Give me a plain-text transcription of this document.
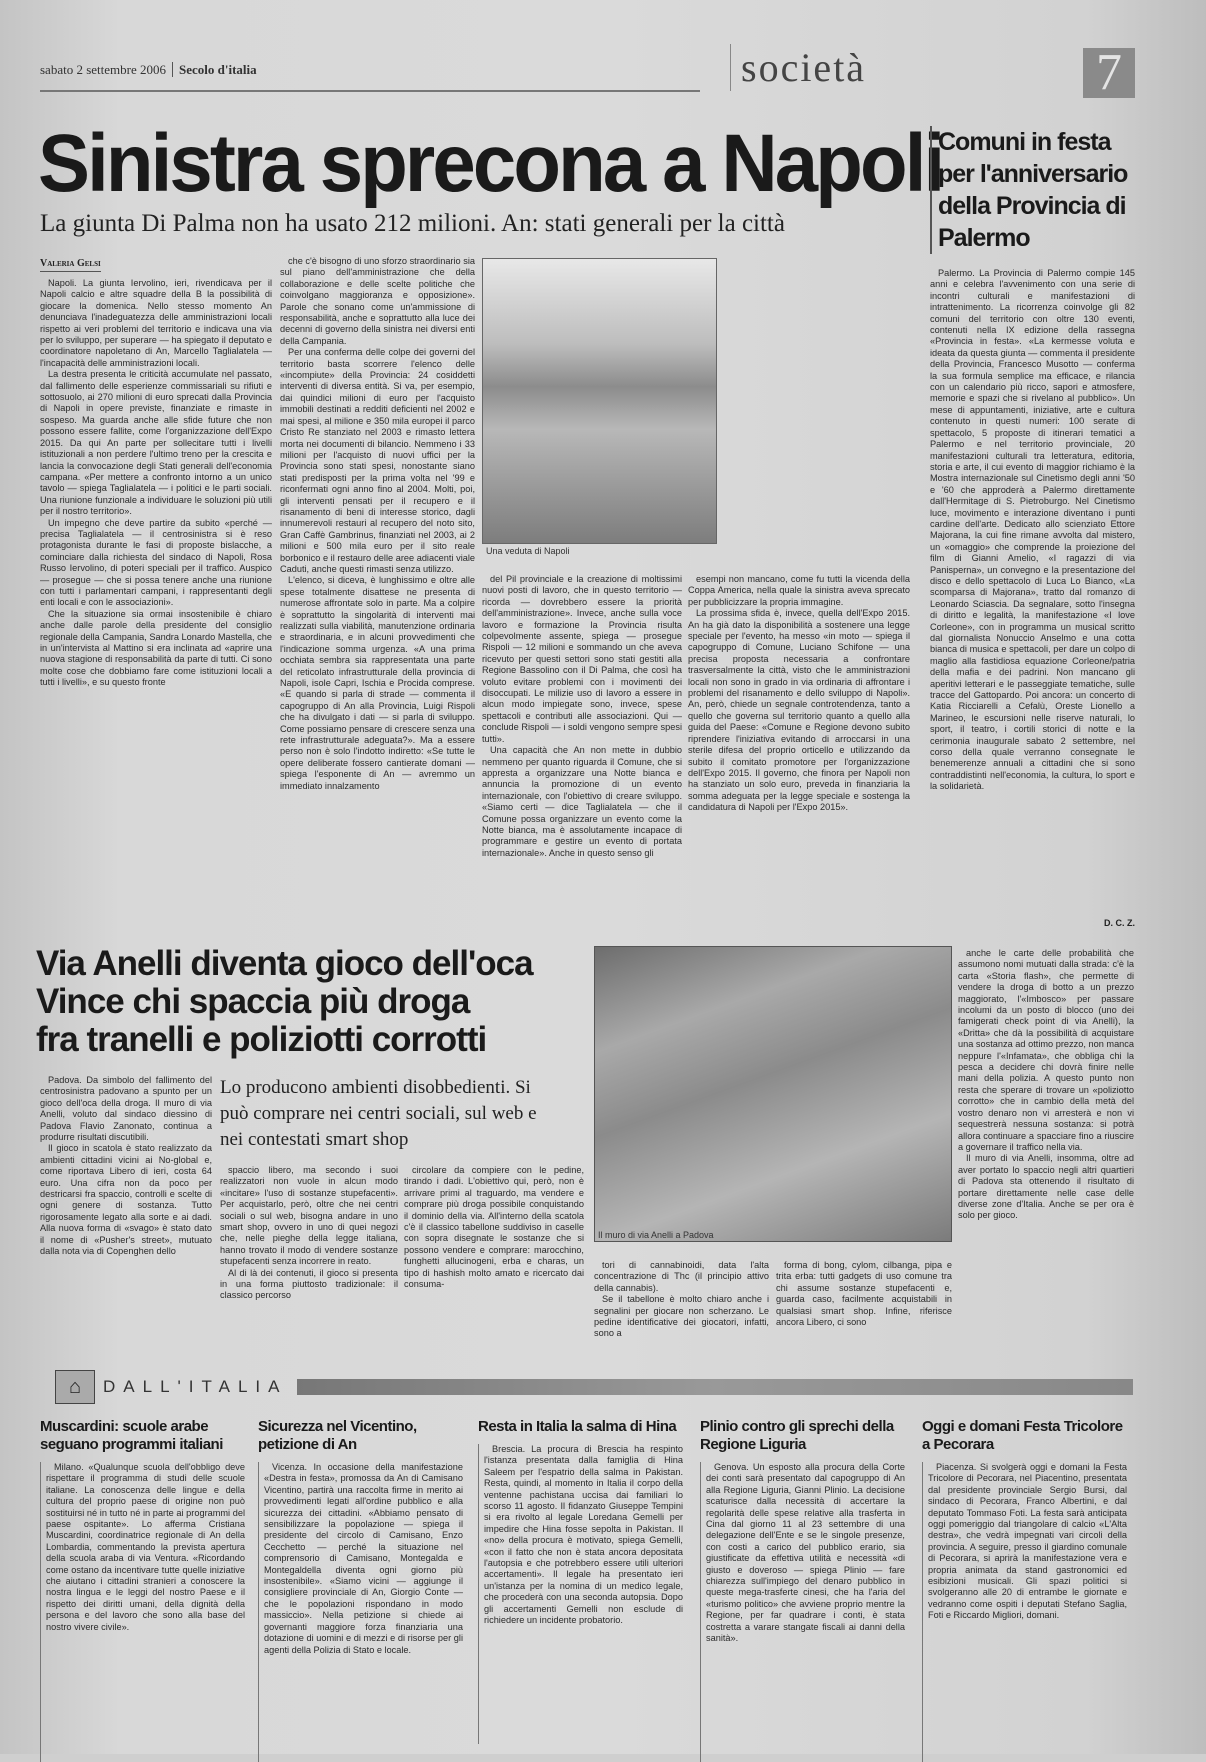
sabato 2 settembre 2006 Secolo d'italia	società	7
Sinistra sprecona a Napoli
La giunta Di Palma non ha usato 212 milioni. An: stati generali per la città
Comuni in festa per l'anniversario della Provincia di Palermo
Valeria Gelsi

Napoli. La giunta Iervolino, ieri, rivendicava per il Napoli calcio e altre squadre della B la possibilità di giocare la domenica. Nello stesso momento An denunciava l'inadeguatezza delle amministrazioni locali rispetto ai veri problemi del territorio e indicava una via per lo sviluppo, per superare — ha spiegato il deputato e coordinatore napoletano di An, Marcello Taglialatela — l'incapacità delle amministrazioni locali.

La destra presenta le criticità accumulate nel passato, dal fallimento delle esperienze commissariali su rifiuti e sottosuolo, ai 270 milioni di euro sprecati dalla Provincia di Napoli in opere previste, finanziate e rimaste in sospeso. Ma guarda anche alle sfide future che non possono essere fallite, come l'organizzazione dell'Expo 2015. Da qui An parte per sollecitare tutti i livelli istituzionali a non perdere l'ultimo treno per la crescita e lancia la convocazione degli Stati generali dell'economia campana. «Per mettere a confronto intorno a un unico tavolo — spiega Taglialatela — i politici e le parti sociali. Una riunione funzionale a individuare le soluzioni più utili per il nostro territorio».

Un impegno che deve partire da subito «perché — precisa Taglialatela — il centrosinistra si è reso protagonista durante le fasi di proposte bislacche, a cominciare dalla richiesta del sindaco di Napoli, Rosa Russo Iervolino, di poteri speciali per il traffico. Auspico — prosegue — che si possa tenere anche una riunione con tutti i parlamentari campani, i rappresentanti degli enti locali e con le associazioni».

Che la situazione sia ormai insostenibile è chiaro anche dalle parole della presidente del consiglio regionale della Campania, Sandra Lonardo Mastella, che in un'intervista al Mattino si era inclinata ad «aprire una nuova stagione di responsabilità da parte di tutti. Ci sono molte cose che dobbiamo fare come istituzioni locali a tutti i livelli», e su questo fronte

che c'è bisogno di uno sforzo straordinario sia sul piano dell'amministrazione che della collaborazione e delle scelte politiche che coinvolgano maggioranza e opposizione». Parole che sonano come un'ammissione di responsabilità, anche e soprattutto alla luce dei decenni di governo della sinistra nei diversi enti della Campania.

Per una conferma delle colpe dei governi del territorio basta scorrere l'elenco delle «incompiute» della Provincia: 24 cosiddetti interventi di diversa entità. Si va, per esempio, dai quindici milioni di euro per l'acquisto immobili destinati a redditi deficienti nel 2002 e mai spesi, al milione e 350 mila europei il parco Cristo Re stanziato nel 2003 e rimasto lettera morta nei documenti di bilancio. Nemmeno i 33 milioni per l'acquisto di nuovi uffici per la Provincia sono stati spesi, nonostante siano stati predisposti per la prima volta nel '99 e riconfermati ogni anno fino al 2004. Molti, poi, gli interventi pensati per il recupero e il risanamento di beni di interesse storico, dagli innumerevoli restauri al recupero del noto sito, Gran Caffè Gambrinus, finanziati nel 2003, ai 2 milioni e 500 mila euro per il sito reale borbonico e il restauro delle aree adiacenti viale Caduti, anche questi rimasti senza utilizzo.

L'elenco, si diceva, è lunghissimo e oltre alle spese totalmente disattese ne presenta di numerose affrontate solo in parte. Ma a colpire è soprattutto la singolarità di interventi mai realizzati sulla viabilità, manutenzione ordinaria e straordinaria, e in alcuni provvedimenti che l'indicazione somma urgenza. «A una prima occhiata sembra sia rappresentata una parte del reticolato infrastrutturale della provincia di Napoli, isole Capri, Ischia e Procida comprese. «E quando si parla di strade — commenta il capogruppo di An alla Provincia, Luigi Rispoli che ha divulgato i dati — si parla di sviluppo. Come possiamo pensare di crescere senza una rete infrastrutturale adeguata?». Ma a essere perso non è solo l'indotto indiretto: «Se tutte le opere deliberate fossero cantierate domani — spiega l'esponente di An — avremmo un immediato innalzamento

Una veduta di Napoli

del Pil provinciale e la creazione di moltissimi nuovi posti di lavoro, che in questo territorio — ricorda — dovrebbero essere la priorità dell'amministrazione». Invece, anche sulla voce lavoro e formazione la Provincia risulta colpevolmente assente, spiega — prosegue Rispoli — 12 milioni e sommando un che aveva ricevuto per questi settori sono stati gestiti alla Regione Bassolino con il Di Palma, che così ha voluto evitare problemi con i movimenti dei disoccupati. Le milizie uso di lavoro a essere in alcun modo impiegate sono, invece, spese spettacoli e contributi alle associazioni. Qui — conclude Rispoli — i soldi vengono sempre spesi tutti».

Una capacità che An non mette in dubbio nemmeno per quanto riguarda il Comune, che si appresta a organizzare una Notte bianca e annuncia la promozione di un evento internazionale, con l'obiettivo di creare sviluppo. «Siamo certi — dice Taglialatela — che il Comune possa organizzare un evento come la Notte bianca, ma è assolutamente incapace di programmare e gestire un evento di portata internazionale». Anche in questo senso gli

esempi non mancano, come fu tutti la vicenda della Coppa America, nella quale la sinistra aveva sprecato per pubblicizzare la propria immagine.

La prossima sfida è, invece, quella dell'Expo 2015. An ha già dato la disponibilità a sostenere una legge speciale per l'evento, ha messo «in moto — spiega il capogruppo di Comune, Luciano Schifone — una precisa proposta necessaria a confrontare trasversalmente la città, visto che le amministrazioni locali non sono in grado in via ordinaria di affrontare i problemi del risanamento e dello sviluppo di Napoli». An, però, chiede un segnale controtendenza, tanto a quello che governa sul territorio quanto a quello alla guida del Paese: «Comune e Regione devono subito riprendere l'iniziativa evitando di arroccarsi in una sterile difesa del proprio orticello e utilizzando da subito il comitato promotore per l'organizzazione dell'Expo 2015. Il governo, che finora per Napoli non ha stanziato un solo euro, preveda in finanziaria la somma adeguata per la legge speciale e sostenga la candidatura di Napoli per l'Expo 2015».

Palermo. La Provincia di Palermo compie 145 anni e celebra l'avvenimento con una serie di incontri culturali e manifestazioni di intrattenimento. La ricorrenza coinvolge gli 82 comuni del territorio con oltre 130 eventi, contenuti nella IX edizione della rassegna «Provincia in festa». «La kermesse voluta e ideata da questa giunta — commenta il presidente della Provincia, Francesco Musotto — conferma la sua formula semplice ma efficace, e rilancia con un calendario più ricco, sapori e atmosfere, memorie e spazi che si rivelano al pubblico». Un mese di appuntamenti, iniziative, arte e cultura contenuto in questi numeri: 100 serate di spettacolo, 5 proposte di itinerari tematici a Palermo e nel territorio provinciale, 20 manifestazioni culturali tra letteratura, editoria, storia e arte, il cui evento di maggior richiamo è la Mostra internazionale sul Cinetismo degli anni '50 e '60 che approderà a Palermo direttamente dall'Hermitage di S. Pietroburgo. Nel Cinetismo luce, movimento e interazione diventano i punti cardine dell'arte. Dedicato allo scienziato Ettore Majorana, la cui fine rimane avvolta dal mistero, un «omaggio» che comprende la proiezione del film di Gianni Amelio, «I ragazzi di via Panisperna», un convegno e la presentazione del disco e dello spettacolo di Luca Lo Bianco, «La scomparsa di Majorana», tratto dal romanzo di Leonardo Sciascia. Da segnalare, sotto l'insegna di diritto e legalità, la manifestazione «I love Corleone», con in programma un musical scritto dal giornalista Nonuccio Anselmo e una cotta bianca di musica e spettacoli, per dare un colpo di maglio alla fastidiosa equazione Corleone/patria della mafia e dei padrini. Non mancano gli aperitivi letterari e le passeggiate tematiche, sulle tracce del Gattopardo. Poi ancora: un concerto di Katia Ricciarelli a Cefalù, Oreste Lionello a Marineo, le escursioni nelle riserve naturali, lo sport, il teatro, i cortili storici di notte e la cerimonia inaugurale sabato 2 settembre, nel corso della quale verranno consegnate le benemerenze annuali a cittadini che si sono contraddistinti nell'economia, la cultura, lo sport e la solidarietà.

D. C. Z.
Via Anelli diventa gioco dell'oca
Vince chi spaccia più droga
fra tranelli e poliziotti corrotti
Lo producono ambienti disobbedienti. Si può comprare nei centri sociali, sul web e nei contestati smart shop
Il muro di via Anelli a Padova

Padova. Da simbolo del fallimento del centrosinistra padovano a spunto per un gioco dell'oca della droga. Il muro di via Anelli, voluto dal sindaco diessino di Padova Flavio Zanonato, continua a produrre risultati discutibili.

Il gioco in scatola è stato realizzato da ambienti cittadini vicini ai No-global e, come riportava Libero di ieri, costa 64 euro. Una cifra non da poco per destricarsi fra spaccio, controlli e scelte di ogni genere di sostanza. Tutto rigorosamente legato alla sorte e ai dadi. Alla nuova forma di «svago» è stato dato il nome di «Pusher's street», mutuato dalla nota via di Copenghen dello

spaccio libero, ma secondo i suoi realizzatori non vuole in alcun modo «incitare» l'uso di sostanze stupefacenti». Per acquistarlo, però, oltre che nei centri sociali o sul web, bisogna andare in uno smart shop, ovvero in uno di quei negozi che, nelle pieghe della legge italiana, hanno trovato il modo di vendere sostanze stupefacenti senza incorrere in reato.

Al di là dei contenuti, il gioco si presenta in una forma piuttosto tradizionale: il classico percorso

circolare da compiere con le pedine, tirando i dadi. L'obiettivo qui, però, non è arrivare primi al traguardo, ma vendere e comprare più droga possibile conquistando il dominio della via. All'interno della scatola c'è il classico tabellone suddiviso in caselle con sopra disegnate le sostanze che si possono vendere e comprare: marocchino, funghetti allucinogeni, erba e charas, un tipo di hashish molto amato e ricercato dai consuma-

tori di cannabinoidi, data l'alta concentrazione di Thc (il principio attivo della cannabis).

Se il tabellone è molto chiaro anche i segnalini per giocare non scherzano. Le pedine identificative dei giocatori, infatti, sono a

forma di bong, cylom, cilbanga, pipa e trita erba: tutti gadgets di uso comune tra chi assume sostanze stupefacenti e, guarda caso, facilmente acquistabili in qualsiasi smart shop. Infine, riferisce ancora Libero, ci sono

anche le carte delle probabilità che assumono nomi mutuati dalla strada: c'è la carta «Storia flash», che permette di vendere la droga di botto a un prezzo maggiorato, l'«Imbosco» per passare incolumi da un posto di blocco (uno dei famigerati check point di via Anelli), la «Dritta» che dà la possibilità di acquistare una sostanza ad ottimo prezzo, non manca neppure l'«Infamata», che obbliga chi la pesca a decidere chi dovrà finire nelle mani della polizia. A questo punto non resta che sperare di trovare un «poliziotto corrotto» che in cambio della metà del vostro denaro non vi arresterà e non vi sequestrerà nessuna sostanza: si potrà allora continuare a spacciare fino a riuscire a governare il traffico nella via.

Il muro di via Anelli, insomma, oltre ad aver portato lo spaccio negli altri quartieri di Padova sta ottenendo il risultato di portare direttamente nelle case delle diverse zone d'Italia. Anche se per ora è solo per gioco.

⌂	DALL'ITALIA
Muscardini: scuole arabe seguano programmi italiani

Milano. «Qualunque scuola dell'obbligo deve rispettare il programma di studi delle scuole italiane. La conoscenza delle lingue e della cultura del proprio paese di origine non può sostituirsi né in tutto né in parte ai programmi del paese ospitante». Lo afferma Cristiana Muscardini, coordinatrice regionale di An della Lombardia, commentando la prevista apertura della scuola araba di via Ventura. «Ricordando come ostano da incentivare tutte quelle iniziative che aiutano i cittadini stranieri a conoscere la nostra lingua e le leggi del nostro Paese e il rispetto dei diritti umani, della dignità della persona e del lavoro che sono alla base del nostro vivere civile».

Sicurezza nel Vicentino, petizione di An

Vicenza. In occasione della manifestazione «Destra in festa», promossa da An di Camisano Vicentino, partirà una raccolta firme in merito ai provvedimenti legati all'ordine pubblico e alla sicurezza dei cittadini. «Abbiamo pensato di sensibilizzare la popolazione — spiega il presidente del circolo di Camisano, Enzo Cecchetto — perché la situazione nel comprensorio di Camisano, Montegalda e Montegaldella diventa ogni giorno più insostenibile». «Siamo vicini — aggiunge il consigliere provinciale di An, Giorgio Conte — che le popolazioni rispondano in modo massiccio». Nella petizione si chiede ai governanti maggiore forza finanziaria una dotazione di uomini e di mezzi e di risorse per gli agenti della Polizia di Stato e locale.

Resta in Italia la salma di Hina

Brescia. La procura di Brescia ha respinto l'istanza presentata dalla famiglia di Hina Saleem per l'espatrio della salma in Pakistan. Resta, quindi, al momento in Italia il corpo della ventenne pachistana uccisa dai familiari lo scorso 11 agosto. Il fidanzato Giuseppe Tempini si era rivolto al legale Loredana Gemelli per impedire che Hina fosse sepolta in Pakistan. Il «no» della procura è motivato, spiega Gemelli, «con il fatto che non è stata ancora depositata l'autopsia e che potrebbero essere utili ulteriori accertamenti». Il legale ha presentato ieri un'istanza per la nomina di un medico legale, che procederà con una seconda autopsia. Dopo gli accertamenti Gemelli non esclude di richiedere un incidente probatorio.

Plinio contro gli sprechi della Regione Liguria

Genova. Un esposto alla procura della Corte dei conti sarà presentato dal capogruppo di An alla Regione Liguria, Gianni Plinio. La decisione scaturisce dalla necessità di accertare la regolarità delle spese relative alla trasferta in Cina dal giorno 11 al 23 settembre di una delegazione dell'Ente e se le singole presenze, con costi a carico del pubblico erario, sia giustificate da effettiva utilità e necessità «di giusto e doveroso — spiega Plinio — fare chiarezza sull'impiego del denaro pubblico in queste mega-trasferte cinesi, che ha l'aria del «turismo politico» che avviene proprio mentre la Regione, per far quadrare i conti, è stata costretta a varare stangate fiscali ai danni della sanità».

Oggi e domani Festa Tricolore a Pecorara

Piacenza. Si svolgerà oggi e domani la Festa Tricolore di Pecorara, nel Piacentino, presentata dal presidente provinciale Sergio Bursi, dal sindaco di Pecorara, Franco Albertini, e dal deputato Tommaso Foti. La festa sarà anticipata oggi pomeriggio dal triangolare di calcio «L'Alta destra», che vedrà impegnati vari circoli della provincia. A seguire, presso il giardino comunale di Pecorara, si aprirà la manifestazione vera e propria animata da stand gastronomici ed esibizioni musicali. Gli spazi politici si svolgeranno alle 20 di entrambe le giornate e vedranno come ospiti i deputati Stefano Saglia, Foti e Riccardo Migliori, domani.
